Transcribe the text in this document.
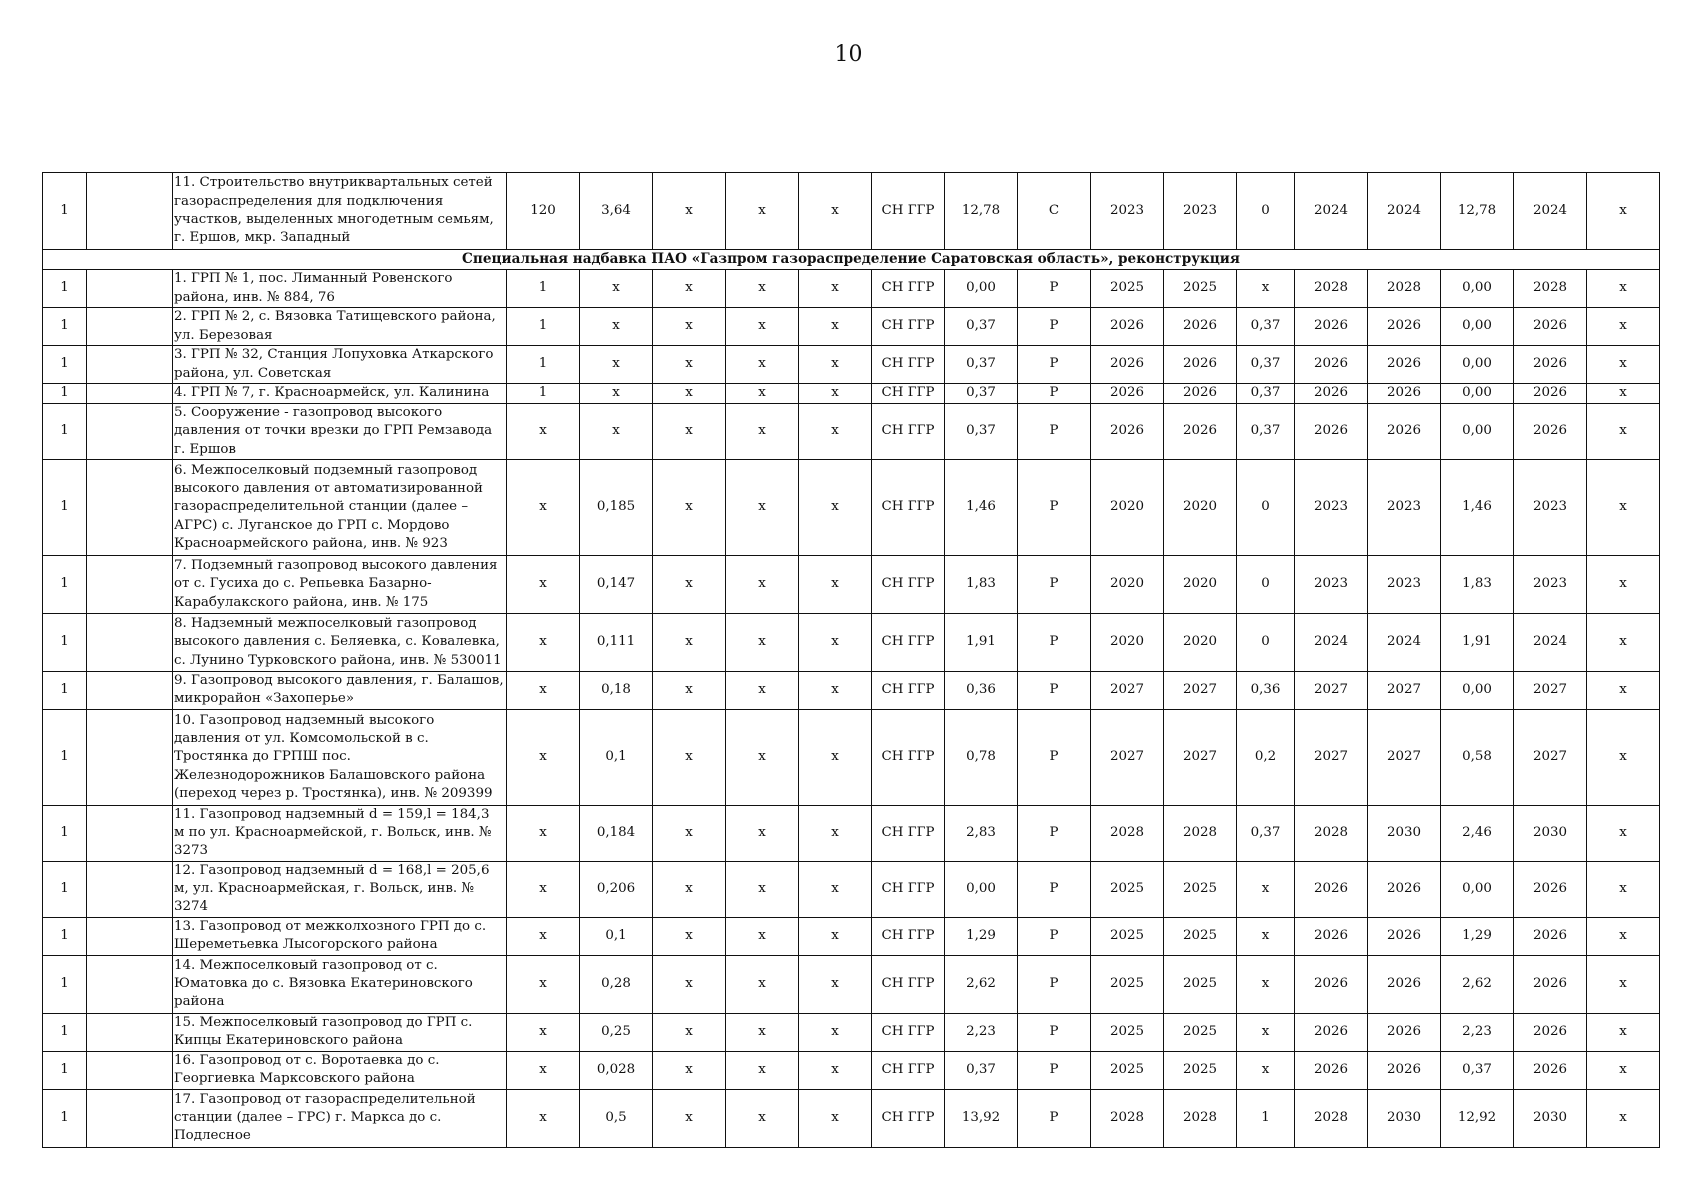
10
1		11. Строительство внутриквартальных сетей газораспределения для подключения участков, выделенных многодетным семьям, г. Ершов, мкр. Западный	120	3,64	x	x	x	СН ГГР	12,78	С	2023	2023	0	2024	2024	12,78	2024	x
Специальная надбавка ПАО «Газпром газораспределение Саратовская область», реконструкция																		
1		1. ГРП № 1, пос. Лиманный Ровенского района, инв. № 884, 76	1	x	x	x	x	СН ГГР	0,00	Р	2025	2025	x	2028	2028	0,00	2028	x
1		2. ГРП № 2, с. Вязовка Татищевского района, ул. Березовая	1	x	x	x	x	СН ГГР	0,37	Р	2026	2026	0,37	2026	2026	0,00	2026	x
1		3. ГРП № 32, Станция Лопуховка Аткарского района, ул. Советская	1	x	x	x	x	СН ГГР	0,37	Р	2026	2026	0,37	2026	2026	0,00	2026	x
1		4. ГРП № 7, г. Красноармейск, ул. Калинина	1	x	x	x	x	СН ГГР	0,37	Р	2026	2026	0,37	2026	2026	0,00	2026	x
1		5. Сооружение - газопровод высокого давления от точки врезки до ГРП Ремзавода г. Ершов	x	x	x	x	x	СН ГГР	0,37	Р	2026	2026	0,37	2026	2026	0,00	2026	x
1		6. Межпоселковый подземный газопровод высокого давления от автоматизированной газораспределительной станции (далее – АГРС) с. Луганское до ГРП с. Мордово Красноармейского района, инв. № 923	x	0,185	x	x	x	СН ГГР	1,46	Р	2020	2020	0	2023	2023	1,46	2023	x
1		7. Подземный газопровод высокого давления от с. Гусиха до с. Репьевка Базарно-Карабулакского района, инв. № 175	x	0,147	x	x	x	СН ГГР	1,83	Р	2020	2020	0	2023	2023	1,83	2023	x
1		8. Надземный межпоселковый газопровод высокого давления с. Беляевка, с. Ковалевка, с. Лунино Турковского района, инв. № 530011	x	0,111	x	x	x	СН ГГР	1,91	Р	2020	2020	0	2024	2024	1,91	2024	x
1		9. Газопровод высокого давления, г. Балашов, микрорайон «Захоперье»	x	0,18	x	x	x	СН ГГР	0,36	Р	2027	2027	0,36	2027	2027	0,00	2027	x
1		10. Газопровод надземный высокого давления от ул. Комсомольской в с. Тростянка до ГРПШ пос. Железнодорожников Балашовского района (переход через р. Тростянка), инв. № 209399	x	0,1	x	x	x	СН ГГР	0,78	Р	2027	2027	0,2	2027	2027	0,58	2027	x
1		11. Газопровод надземный d = 159,l = 184,3 м по ул. Красноармейской, г. Вольск, инв. № 3273	x	0,184	x	x	x	СН ГГР	2,83	Р	2028	2028	0,37	2028	2030	2,46	2030	x
1		12. Газопровод надземный d = 168,l = 205,6 м, ул. Красноармейская, г. Вольск, инв. № 3274	x	0,206	x	x	x	СН ГГР	0,00	Р	2025	2025	x	2026	2026	0,00	2026	x
1		13. Газопровод от межколхозного ГРП до с. Шереметьевка Лысогорского района	x	0,1	x	x	x	СН ГГР	1,29	Р	2025	2025	x	2026	2026	1,29	2026	x
1		14. Межпоселковый газопровод от с. Юматовка до с. Вязовка Екатериновского района	x	0,28	x	x	x	СН ГГР	2,62	Р	2025	2025	x	2026	2026	2,62	2026	x
1		15. Межпоселковый газопровод до ГРП с. Кипцы Екатериновского района	x	0,25	x	x	x	СН ГГР	2,23	Р	2025	2025	x	2026	2026	2,23	2026	x
1		16. Газопровод от с. Воротаевка до с. Георгиевка Марксовского района	x	0,028	x	x	x	СН ГГР	0,37	Р	2025	2025	x	2026	2026	0,37	2026	x
1		17. Газопровод от газораспределительной станции (далее – ГРС) г. Маркса до с. Подлесное	x	0,5	x	x	x	СН ГГР	13,92	Р	2028	2028	1	2028	2030	12,92	2030	x
